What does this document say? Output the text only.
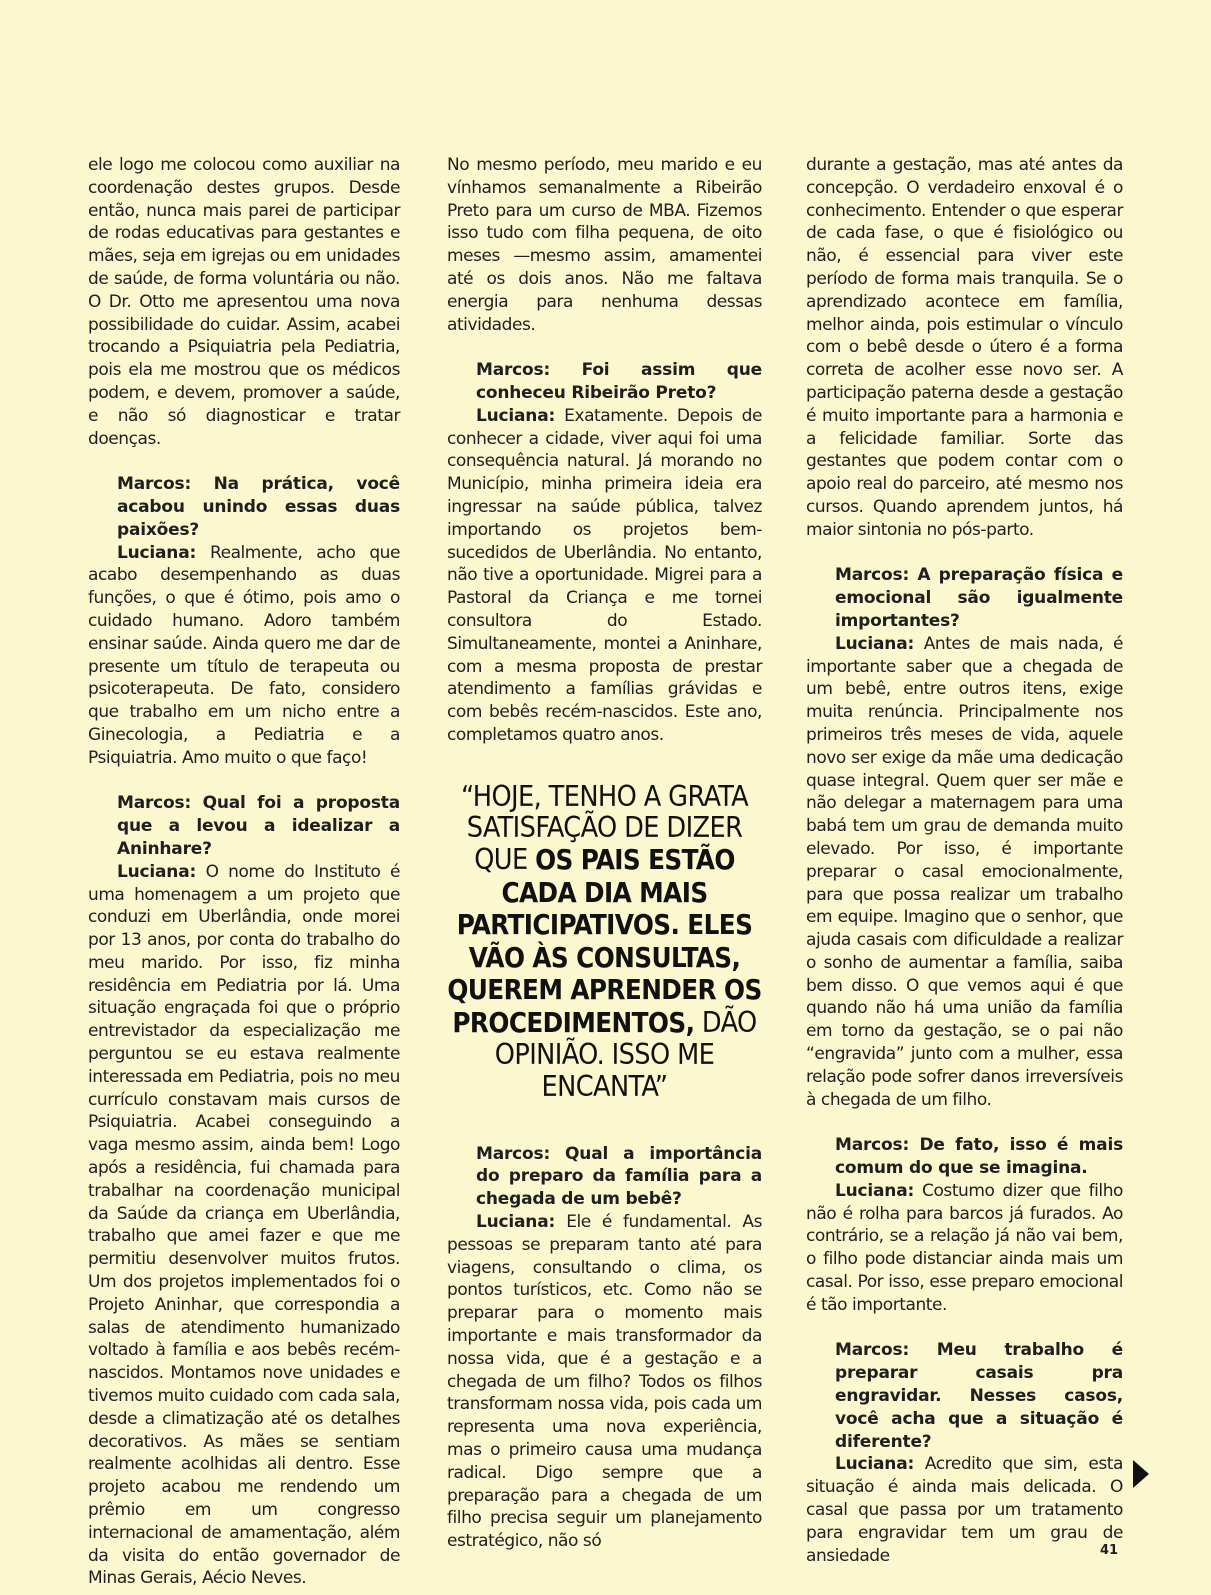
ele logo me colocou como auxiliar na coordenação destes grupos. Desde então, nunca mais parei de participar de rodas educativas para gestantes e mães, seja em igrejas ou em unidades de saúde, de forma voluntária ou não. O Dr. Otto me apresentou uma nova possibilidade do cuidar. Assim, acabei trocando a Psiquiatria pela Pediatria, pois ela me mostrou que os médicos podem, e devem, promover a saúde, e não só diagnosticar e tratar doenças.

Marcos: Na prática, você acabou unindo essas duas paixões?

Luciana: Realmente, acho que acabo desempenhando as duas funções, o que é ótimo, pois amo o cuidado humano. Adoro também ensinar saúde. Ainda quero me dar de presente um título de terapeuta ou psicoterapeuta. De fato, considero que trabalho em um nicho entre a Ginecologia, a Pediatria e a Psiquiatria. Amo muito o que faço!

Marcos: Qual foi a proposta que a levou a idealizar a Aninhare?

Luciana: O nome do Instituto é uma homenagem a um projeto que conduzi em Uberlândia, onde morei por 13 anos, por conta do trabalho do meu marido. Por isso, fiz minha residência em Pediatria por lá. Uma situação engraçada foi que o próprio entrevistador da especialização me perguntou se eu estava realmente interessada em Pediatria, pois no meu currículo constavam mais cursos de Psiquiatria. Acabei conseguindo a vaga mesmo assim, ainda bem! Logo após a residência, fui chamada para trabalhar na coordenação municipal da Saúde da criança em Uberlândia, trabalho que amei fazer e que me permitiu desenvolver muitos frutos. Um dos projetos implementados foi o Projeto Aninhar, que correspondia a salas de atendimento humanizado voltado à família e aos bebês recém-nascidos. Montamos nove unidades e tivemos muito cuidado com cada sala, desde a climatização até os detalhes decorativos. As mães se sentiam realmente acolhidas ali dentro. Esse projeto acabou me rendendo um prêmio em um congresso internacional de amamentação, além da visita do então governador de Minas Gerais, Aécio Neves.

No mesmo período, meu marido e eu vínhamos semanalmente a Ribeirão Preto para um curso de MBA. Fizemos isso tudo com filha pequena, de oito meses —mesmo assim, amamentei até os dois anos. Não me faltava energia para nenhuma dessas atividades.

Marcos: Foi assim que conheceu Ribeirão Preto?

Luciana: Exatamente. Depois de conhecer a cidade, viver aqui foi uma consequência natural. Já morando no Município, minha primeira ideia era ingressar na saúde pública, talvez importando os projetos bem-sucedidos de Uberlândia. No entanto, não tive a oportunidade. Migrei para a Pastoral da Criança e me tornei consultora do Estado. Simultaneamente, montei a Aninhare, com a mesma proposta de prestar atendimento a famílias grávidas e com bebês recém-nascidos. Este ano, completamos quatro anos.

“HOJE, TENHO A GRATA SATISFAÇÃO DE DIZER QUE OS PAIS ESTÃO CADA DIA MAIS PARTICIPATIVOS. ELES VÃO ÀS CONSULTAS, QUEREM APRENDER OS PROCEDIMENTOS, DÃO OPINIÃO. ISSO ME ENCANTA”

Marcos: Qual a importância do preparo da família para a chegada de um bebê?

Luciana: Ele é fundamental. As pessoas se preparam tanto até para viagens, consultando o clima, os pontos turísticos, etc. Como não se preparar para o momento mais importante e mais transformador da nossa vida, que é a gestação e a chegada de um filho? Todos os filhos transformam nossa vida, pois cada um representa uma nova experiência, mas o primeiro causa uma mudança radical. Digo sempre que a preparação para a chegada de um filho precisa seguir um planejamento estratégico, não só

durante a gestação, mas até antes da concepção. O verdadeiro enxoval é o conhecimento. Entender o que esperar de cada fase, o que é fisiológico ou não, é essencial para viver este período de forma mais tranquila. Se o aprendizado acontece em família, melhor ainda, pois estimular o vínculo com o bebê desde o útero é a forma correta de acolher esse novo ser. A participação paterna desde a gestação é muito importante para a harmonia e a felicidade familiar. Sorte das gestantes que podem contar com o apoio real do parceiro, até mesmo nos cursos. Quando aprendem juntos, há maior sintonia no pós-parto.

Marcos: A preparação física e emocional são igualmente importantes?

Luciana: Antes de mais nada, é importante saber que a chegada de um bebê, entre outros itens, exige muita renúncia. Principalmente nos primeiros três meses de vida, aquele novo ser exige da mãe uma dedicação quase integral. Quem quer ser mãe e não delegar a maternagem para uma babá tem um grau de demanda muito elevado. Por isso, é importante preparar o casal emocionalmente, para que possa realizar um trabalho em equipe. Imagino que o senhor, que ajuda casais com dificuldade a realizar o sonho de aumentar a família, saiba bem disso. O que vemos aqui é que quando não há uma união da família em torno da gestação, se o pai não “engravida” junto com a mulher, essa relação pode sofrer danos irreversíveis à chegada de um filho.

Marcos: De fato, isso é mais comum do que se imagina.

Luciana: Costumo dizer que filho não é rolha para barcos já furados. Ao contrário, se a relação já não vai bem, o filho pode distanciar ainda mais um casal. Por isso, esse preparo emocional é tão importante.

Marcos: Meu trabalho é preparar casais pra engravidar. Nesses casos, você acha que a situação é diferente?

Luciana: Acredito que sim, esta situação é ainda mais delicada. O casal que passa por um tratamento para engravidar tem um grau de ansiedade	41
